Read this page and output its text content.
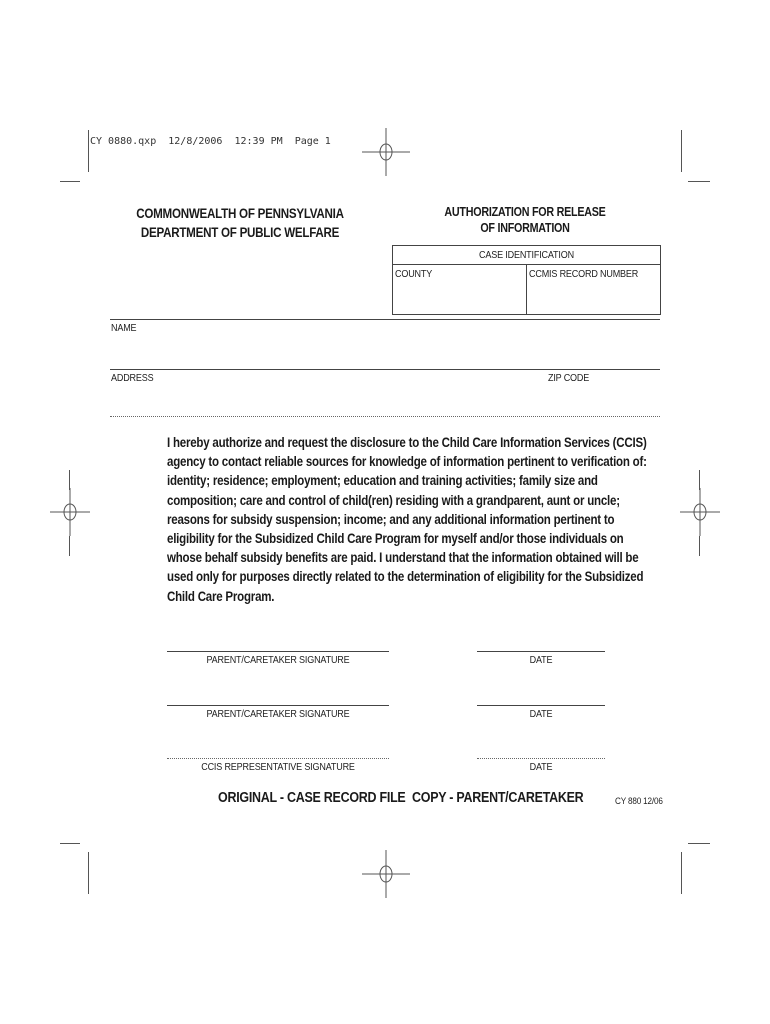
CY 0880.qxp  12/8/2006  12:39 PM  Page 1
COMMONWEALTH OF PENNSYLVANIA
DEPARTMENT OF PUBLIC WELFARE
AUTHORIZATION FOR RELEASE
OF INFORMATION
CASE IDENTIFICATION
COUNTY	CCMIS RECORD NUMBER
NAME
ADDRESS	ZIP CODE
I hereby authorize and request the disclosure to the Child Care Information Services (CCIS)
agency to contact reliable sources for knowledge of information pertinent to verification of:
identity; residence; employment; education and training activities; family size and
composition; care and control of child(ren) residing with a grandparent, aunt or uncle;
reasons for subsidy suspension; income; and any additional information pertinent to
eligibility for the Subsidized Child Care Program for myself and/or those individuals on
whose behalf subsidy benefits are paid. I understand that the information obtained will be
used only for purposes directly related to the determination of eligibility for the Subsidized
Child Care Program.
PARENT/CARETAKER SIGNATURE	DATE
PARENT/CARETAKER SIGNATURE	DATE
CCIS REPRESENTATIVE SIGNATURE	DATE
ORIGINAL - CASE RECORD FILE COPY - PARENT/CARETAKER	CY 880 12/06
